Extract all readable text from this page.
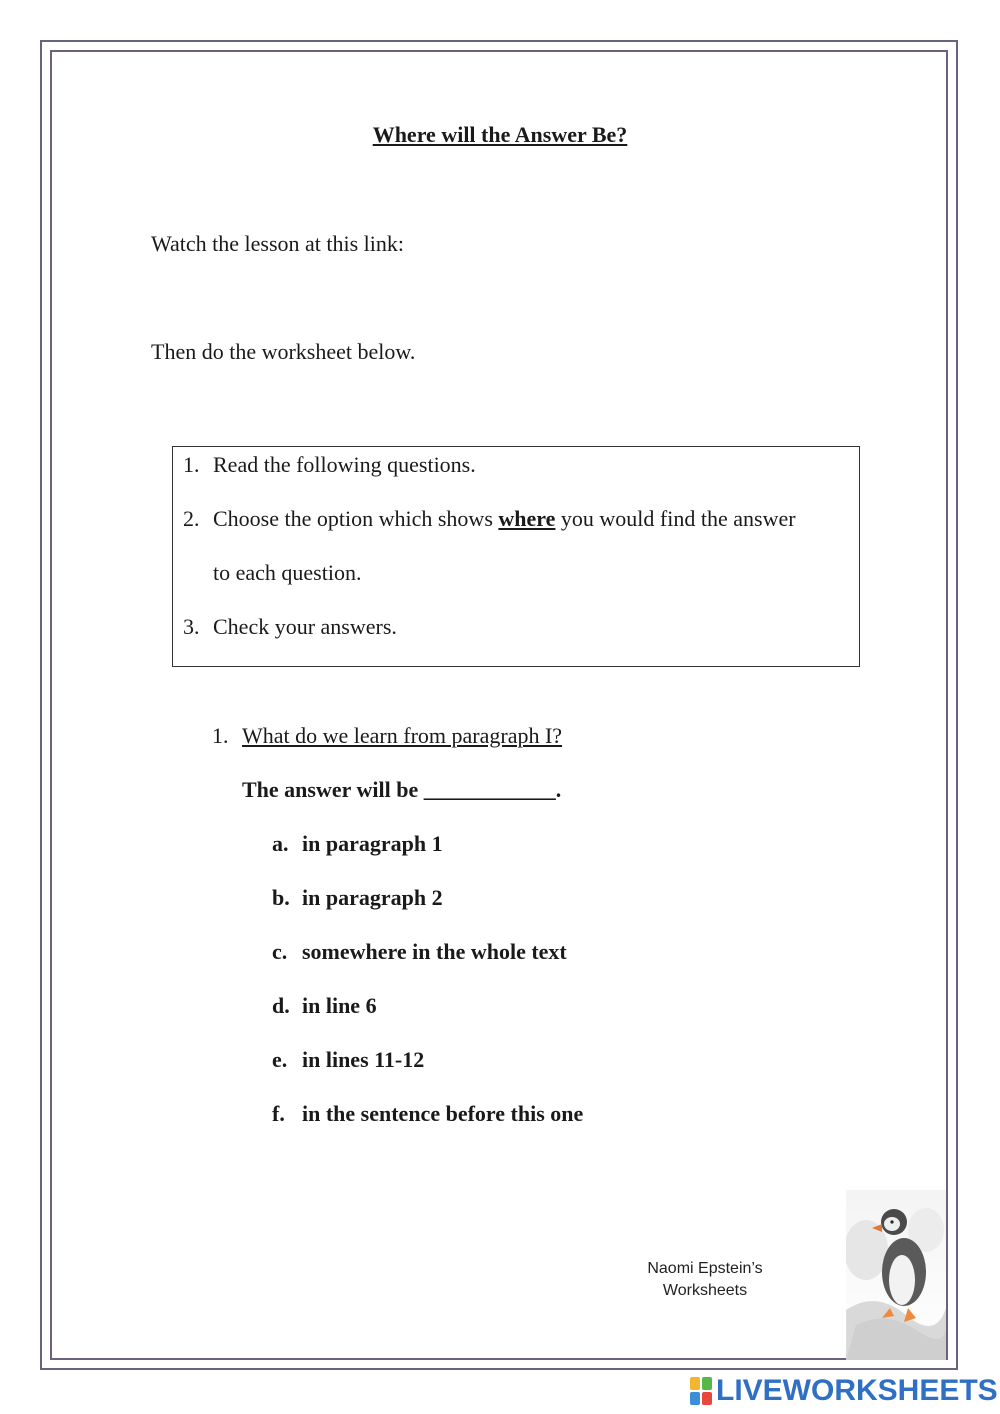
Where will the Answer Be?
Watch the lesson at this link:
Then do the worksheet below.
1. Read the following questions.
2. Choose the option which shows where you would find the answer
to each question.
3. Check your answers.
1. What do we learn from paragraph I?
The answer will be ____________.
a. in paragraph 1
b. in paragraph 2
c. somewhere in the whole text
d. in line 6
e. in lines 11-12
f. in the sentence before this one
Naomi Epstein’s
Worksheets
LIVEWORKSHEETS
